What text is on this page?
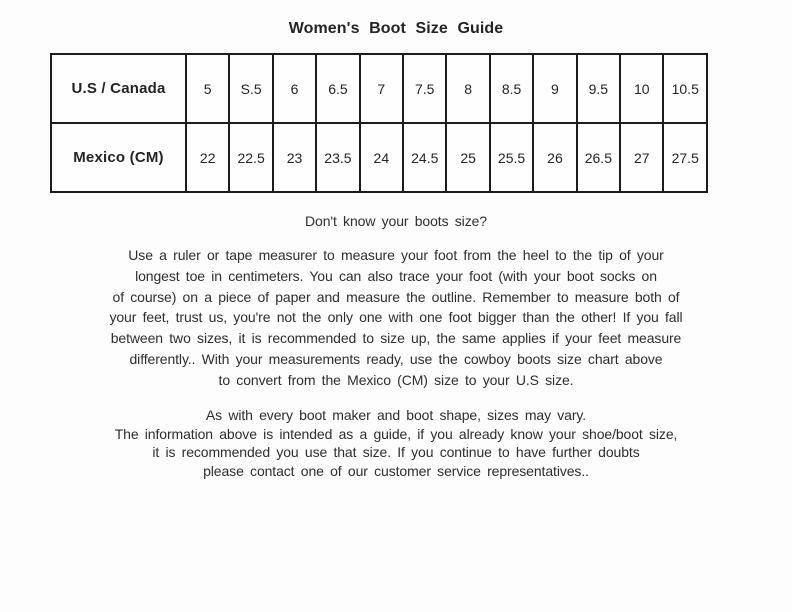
Women's Boot Size Guide
U.S / Canada	5	S.5	6	6.5	7	7.5	8	8.5	9	9.5	10	10.5
Mexico (CM)	22	22.5	23	23.5	24	24.5	25	25.5	26	26.5	27	27.5
Don't know your boots size?
Use a ruler or tape measurer to measure your foot from the heel to the tip of your
longest toe in centimeters. You can also trace your foot (with your boot socks on
of course) on a piece of paper and measure the outline. Remember to measure both of
your feet, trust us, you're not the only one with one foot bigger than the other! If you fall
between two sizes, it is recommended to size up, the same applies if your feet measure
differently.. With your measurements ready, use the cowboy boots size chart above
to convert from the Mexico (CM) size to your U.S size.
As with every boot maker and boot shape, sizes may vary.
The information above is intended as a guide, if you already know your shoe/boot size,
it is recommended you use that size. If you continue to have further doubts
please contact one of our customer service representatives..
